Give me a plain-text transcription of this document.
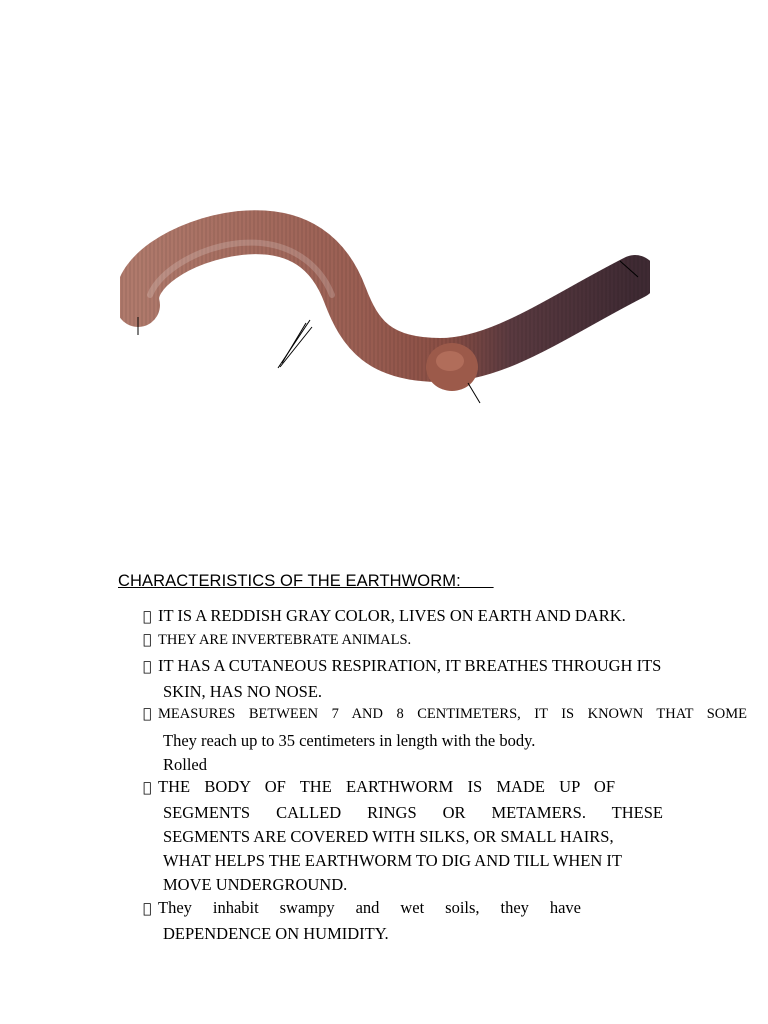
CHARACTERISTICS OF THE EARTHWORM:
IT IS A REDDISH GRAY COLOR, LIVES ON EARTH AND DARK.
THEY ARE INVERTEBRATE ANIMALS.
IT HAS A CUTANEOUS RESPIRATION, IT BREATHES THROUGH ITS
SKIN, HAS NO NOSE.
MEASURES BETWEEN 7 AND 8 CENTIMETERS, IT IS KNOWN THAT SOME
They reach up to 35 centimeters in length with the body.
Rolled
THE BODY OF THE EARTHWORM IS MADE UP OF
SEGMENTS CALLED RINGS OR METAMERS. THESE
SEGMENTS ARE COVERED WITH SILKS, OR SMALL HAIRS,
WHAT HELPS THE EARTHWORM TO DIG AND TILL WHEN IT
MOVE UNDERGROUND.
They inhabit swampy and wet soils, they have
DEPENDENCE ON HUMIDITY.
